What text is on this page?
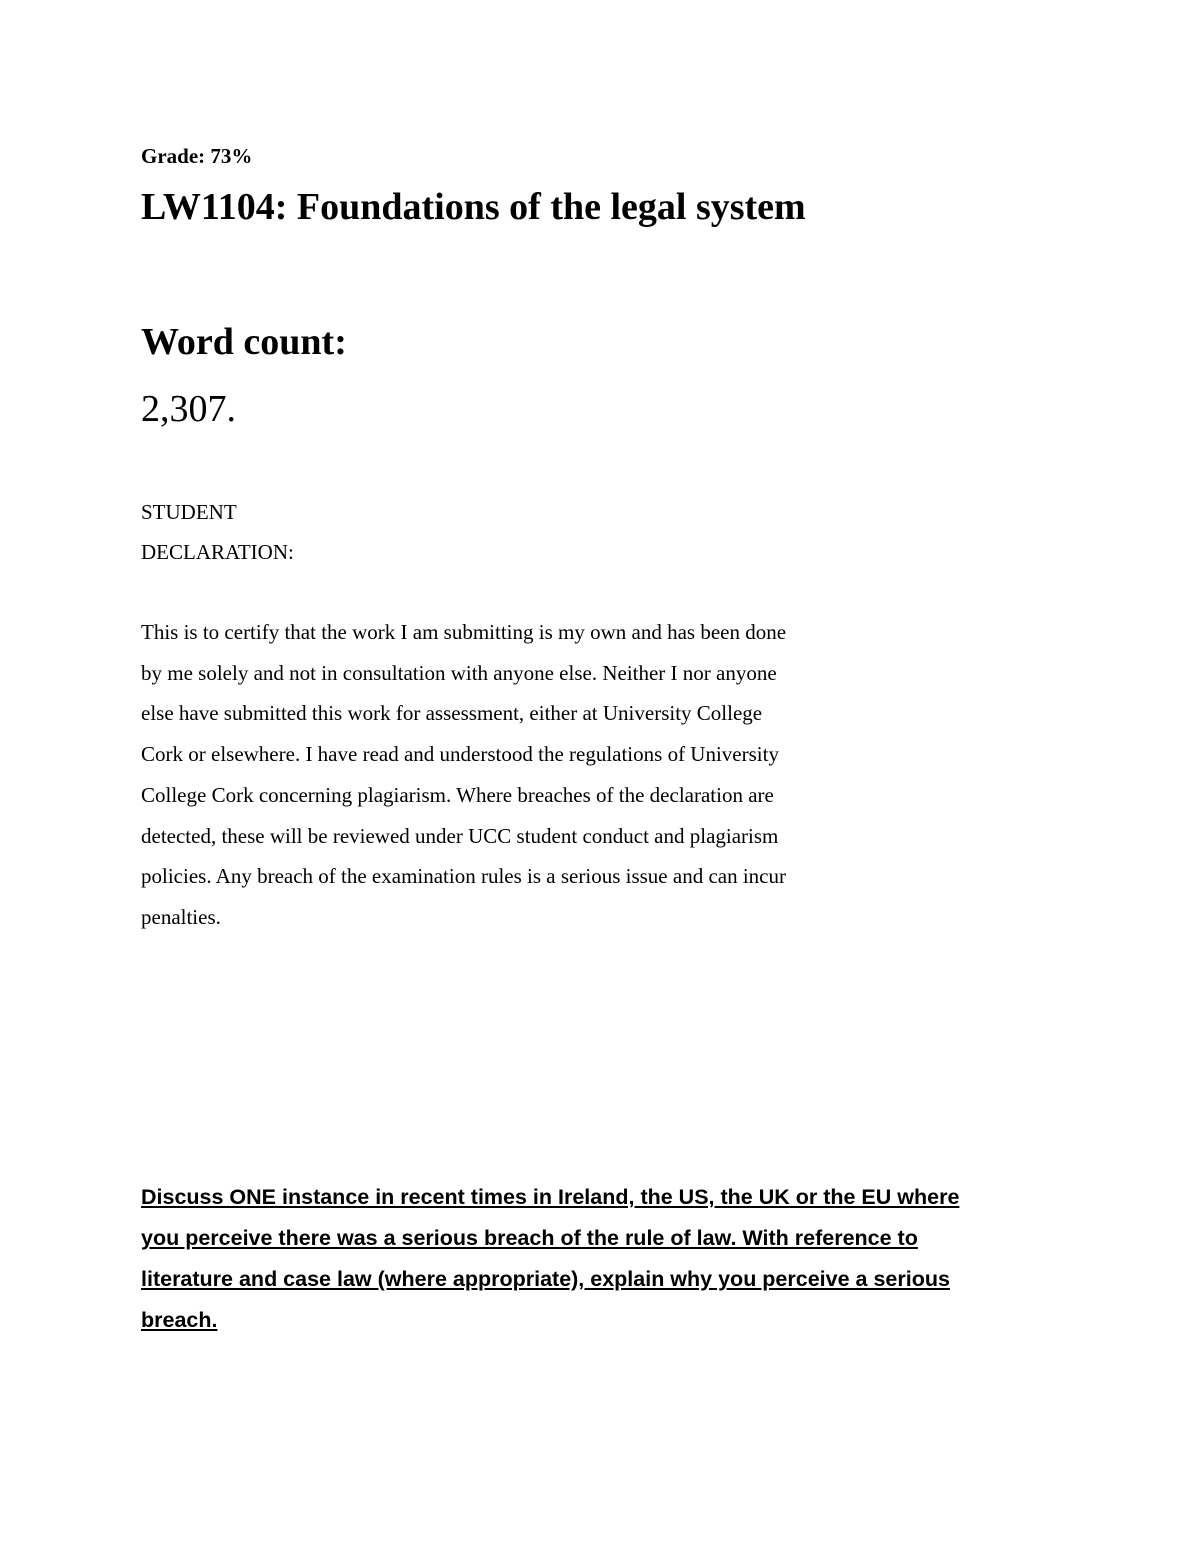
Grade: 73%
LW1104: Foundations of the legal system
Word count:
2,307.
STUDENT
DECLARATION:
This is to certify that the work I am submitting is my own and has been done
by me solely and not in consultation with anyone else. Neither I nor anyone
else have submitted this work for assessment, either at University College
Cork or elsewhere. I have read and understood the regulations of University
College Cork concerning plagiarism. Where breaches of the declaration are
detected, these will be reviewed under UCC student conduct and plagiarism
policies. Any breach of the examination rules is a serious issue and can incur
penalties.
Discuss ONE instance in recent times in Ireland, the US, the UK or the EU where
you perceive there was a serious breach of the rule of law. With reference to
literature and case law (where appropriate), explain why you perceive a serious
breach.
